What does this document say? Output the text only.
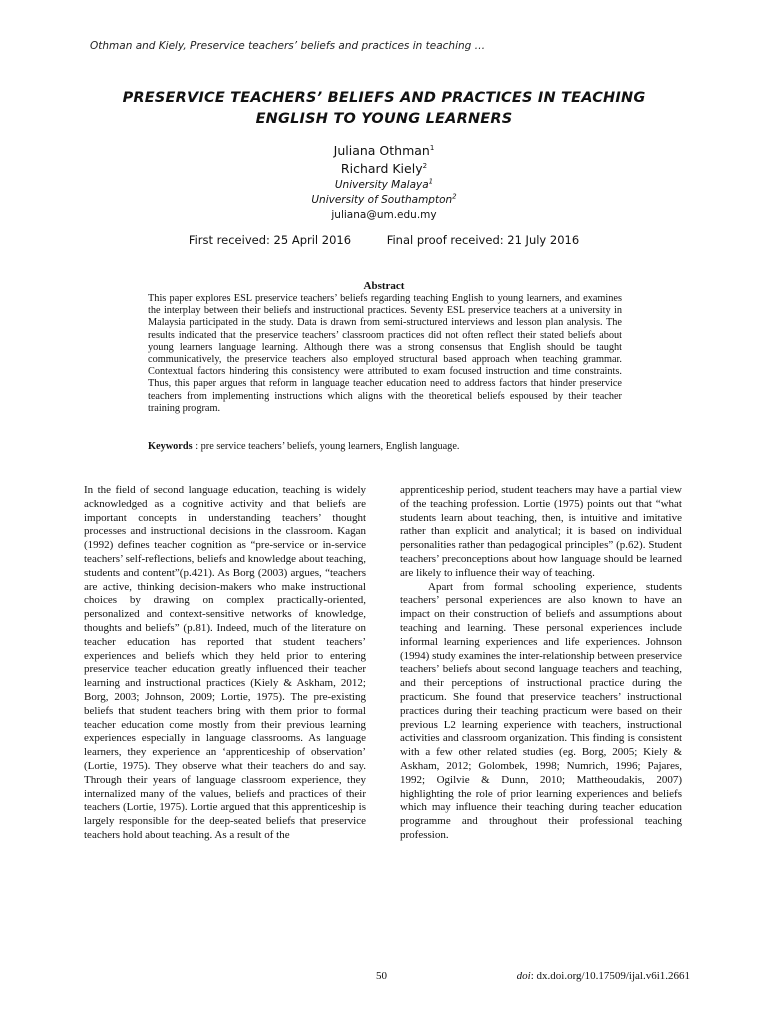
Othman and Kiely, Preservice teachers’ beliefs and practices in teaching …
PRESERVICE TEACHERS’ BELIEFS AND PRACTICES IN TEACHING
ENGLISH TO YOUNG LEARNERS
Juliana Othman$^1$
Richard Kiely$^2$
University Malaya$^1$
University of Southampton$^2$
juliana@um.edu.my
First received: 25 April 2016	Final proof received: 21 July 2016
Abstract
This paper explores ESL preservice teachers’ beliefs regarding teaching English to young learners, and examines the interplay between their beliefs and instructional practices. Seventy ESL preservice teachers at a university in Malaysia participated in the study. Data is drawn from semi-structured interviews and lesson plan analysis. The results indicated that the preservice teachers’ classroom practices did not often reflect their stated beliefs about young learners language learning. Although there was a strong consensus that English should be taught communicatively, the preservice teachers also employed structural based approach when teaching grammar. Contextual factors hindering this consistency were attributed to exam focused instruction and time constraints. Thus, this paper argues that reform in language teacher education need to address factors that hinder preservice teachers from implementing instructions which aligns with the theoretical beliefs espoused by their teacher training program.
Keywords : pre service teachers’ beliefs, young learners, English language.

In the field of second language education, teaching is widely acknowledged as a cognitive activity and that beliefs are important concepts in understanding teachers’ thought processes and instructional decisions in the classroom. Kagan (1992) defines teacher cognition as “pre-service or in-service teachers’ self-reflections, beliefs and knowledge about teaching, students and content”(p.421). As Borg (2003) argues, “teachers are active, thinking decision-makers who make instructional choices by drawing on complex practically-oriented, personalized and context-sensitive networks of knowledge, thoughts and beliefs” (p.81). Indeed, much of the literature on teacher education has reported that student teachers’ experiences and beliefs which they held prior to entering preservice teacher education greatly influenced their teacher learning and instructional practices (Kiely & Askham, 2012; Borg, 2003; Johnson, 2009; Lortie, 1975). The pre-existing beliefs that student teachers bring with them prior to formal teacher education come mostly from their previous learning experiences especially in language classrooms. As language learners, they experience an ‘apprenticeship of observation’ (Lortie, 1975). They observe what their teachers do and say. Through their years of language classroom experience, they internalized many of the values, beliefs and practices of their teachers (Lortie, 1975). Lortie argued that this apprenticeship is largely responsible for the deep-seated beliefs that preservice teachers hold about teaching. As a result of the

apprenticeship period, student teachers may have a partial view of the teaching profession. Lortie (1975) points out that “what students learn about teaching, then, is intuitive and imitative rather than explicit and analytical; it is based on individual personalities rather than pedagogical principles” (p.62). Student teachers’ preconceptions about how language should be learned are likely to influence their way of teaching.

Apart from formal schooling experience, students teachers’ personal experiences are also known to have an impact on their construction of beliefs and assumptions about teaching and learning. These personal experiences include informal learning experiences and life experiences. Johnson (1994) study examines the inter-relationship between preservice teachers’ beliefs about second language teachers and teaching, and their perceptions of instructional practice during the practicum. She found that preservice teachers’ instructional practices during their teaching practicum were based on their previous L2 learning experience with teachers, instructional activities and classroom organization. This finding is consistent with a few other related studies (eg. Borg, 2005; Kiely & Askham, 2012; Golombek, 1998; Numrich, 1996; Pajares, 1992; Ogilvie & Dunn, 2010; Mattheoudakis, 2007) highlighting the role of prior learning experiences and beliefs which may influence their teaching during teacher education programme and throughout their professional teaching profession.

50	doi: dx.doi.org/10.17509/ijal.v6i1.2661
